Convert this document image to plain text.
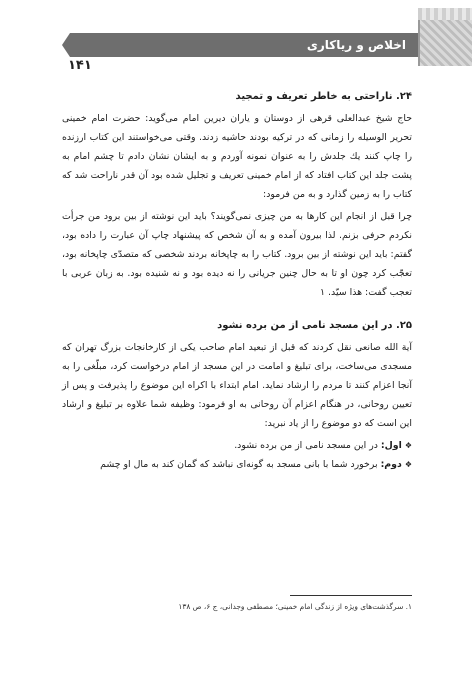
اخلاص و ریاکاری
۱۴۱
۲۴. ناراحتی به خاطر تعریف و تمجید

حاج شیخ عبدالعلی قرهی از دوستان و یاران دیرین امام می‌گوید: حضرت امام خمینی تحریر الوسیله را زمانی که در ترکیه بودند حاشیه زدند. وقتی می‌خواستند این کتاب ارزنده را چاپ کنند یك جلدش را به عنوان نمونه آوردم و به ایشان نشان دادم تا چشم امام به پشت جلد این کتاب افتاد که از امام خمینی تعریف و تجلیل شده بود آن قدر ناراحت شد که کتاب را به زمین گذارد و به من فرمود:

چرا قبل از انجام این کارها به من چیزی نمی‌گویند؟ باید این نوشته از بین برود من جرأت نکردم حرفی بزنم. لذا بیرون آمده و به آن شخص که پیشنهاد چاپ آن عبارت را داده بود، گفتم: باید این نوشته از بین برود. کتاب را به چاپخانه بردند شخصی که متصدّی چاپخانه بود، تعجّب کرد چون او تا به حال چنین جریانی را نه دیده بود و نه شنیده بود. به زبان عربی با تعجب گفت: هذا سیّد. ۱

۲۵. در این مسجد نامی از من برده نشود

آیة الله صانعی نقل کردند که قبل از تبعید امام صاحب یکی از کارخانجات بزرگ تهران که مسجدی می‌ساخت، برای تبلیغ و امامت در این مسجد از امام درخواست کرد، مبلّغی را به آنجا اعزام کنند تا مردم را ارشاد نماید. امام ابتداء با اکراه این موضوع را پذیرفت و پس از تعیین روحانی، در هنگام اعزام آن روحانی به او فرمود: وظیفه شما علاوه بر تبلیغ و ارشاد این است که دو موضوع را از یاد نبرید:

❖اول: در این مسجد نامی از من برده نشود.

❖دوم: برخورد شما با بانی مسجد به گونه‌ای نباشد که گمان کند به مال او چشم

۱. سرگذشت‌های ویژه از زندگی امام خمینی؛ مصطفی وجدانی، ج ۶، ص ۱۳۸
